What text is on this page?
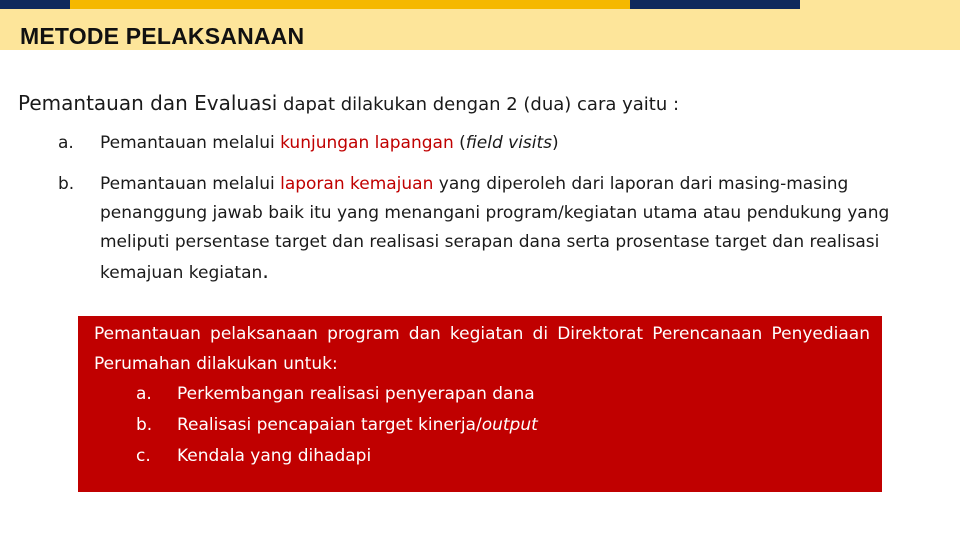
METODE PELAKSANAAN
Pemantauan dan Evaluasi dapat dilakukan dengan 2 (dua) cara yaitu :
a.	Pemantauan melalui kunjungan lapangan (field visits)
b.	Pemantauan melalui laporan kemajuan yang diperoleh dari laporan dari masing-masing penanggung jawab baik itu yang menangani program/kegiatan utama atau pendukung yang meliputi persentase target dan realisasi serapan dana serta prosentase target dan realisasi kemajuan kegiatan.
Pemantauan pelaksanaan program dan kegiatan di Direktorat Perencanaan Penyediaan Perumahan dilakukan untuk:
a.	Perkembangan realisasi penyerapan dana
b.	Realisasi pencapaian target kinerja/output
c.	Kendala yang dihadapi
